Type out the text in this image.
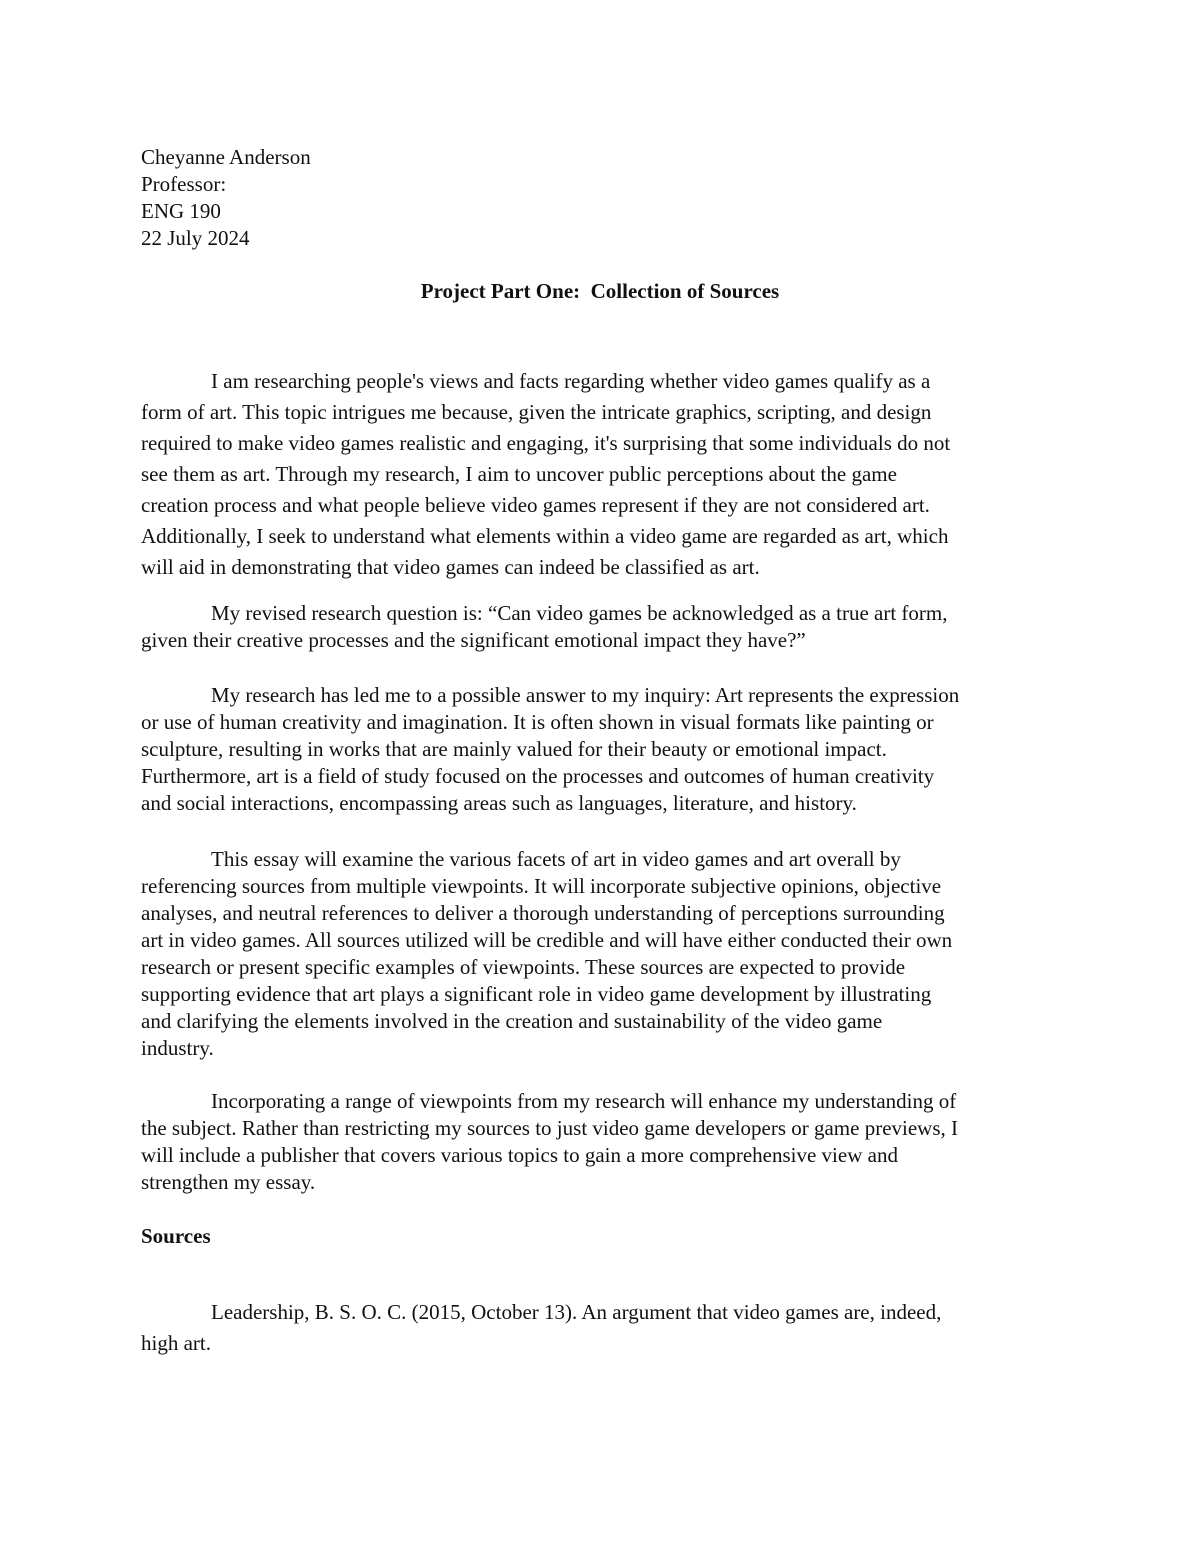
Cheyanne Anderson
Professor:
ENG 190
22 July 2024
Project Part One:  Collection of Sources
I am researching people's views and facts regarding whether video games qualify as a
form of art. This topic intrigues me because, given the intricate graphics, scripting, and design
required to make video games realistic and engaging, it's surprising that some individuals do not
see them as art. Through my research, I aim to uncover public perceptions about the game
creation process and what people believe video games represent if they are not considered art.
Additionally, I seek to understand what elements within a video game are regarded as art, which
will aid in demonstrating that video games can indeed be classified as art.
My revised research question is: “Can video games be acknowledged as a true art form,
given their creative processes and the significant emotional impact they have?”
My research has led me to a possible answer to my inquiry: Art represents the expression
or use of human creativity and imagination. It is often shown in visual formats like painting or
sculpture, resulting in works that are mainly valued for their beauty or emotional impact.
Furthermore, art is a field of study focused on the processes and outcomes of human creativity
and social interactions, encompassing areas such as languages, literature, and history.
This essay will examine the various facets of art in video games and art overall by
referencing sources from multiple viewpoints. It will incorporate subjective opinions, objective
analyses, and neutral references to deliver a thorough understanding of perceptions surrounding
art in video games. All sources utilized will be credible and will have either conducted their own
research or present specific examples of viewpoints. These sources are expected to provide
supporting evidence that art plays a significant role in video game development by illustrating
and clarifying the elements involved in the creation and sustainability of the video game
industry.
Incorporating a range of viewpoints from my research will enhance my understanding of
the subject. Rather than restricting my sources to just video game developers or game previews, I
will include a publisher that covers various topics to gain a more comprehensive view and
strengthen my essay.
Sources
Leadership, B. S. O. C. (2015, October 13). An argument that video games are, indeed,
high art.
